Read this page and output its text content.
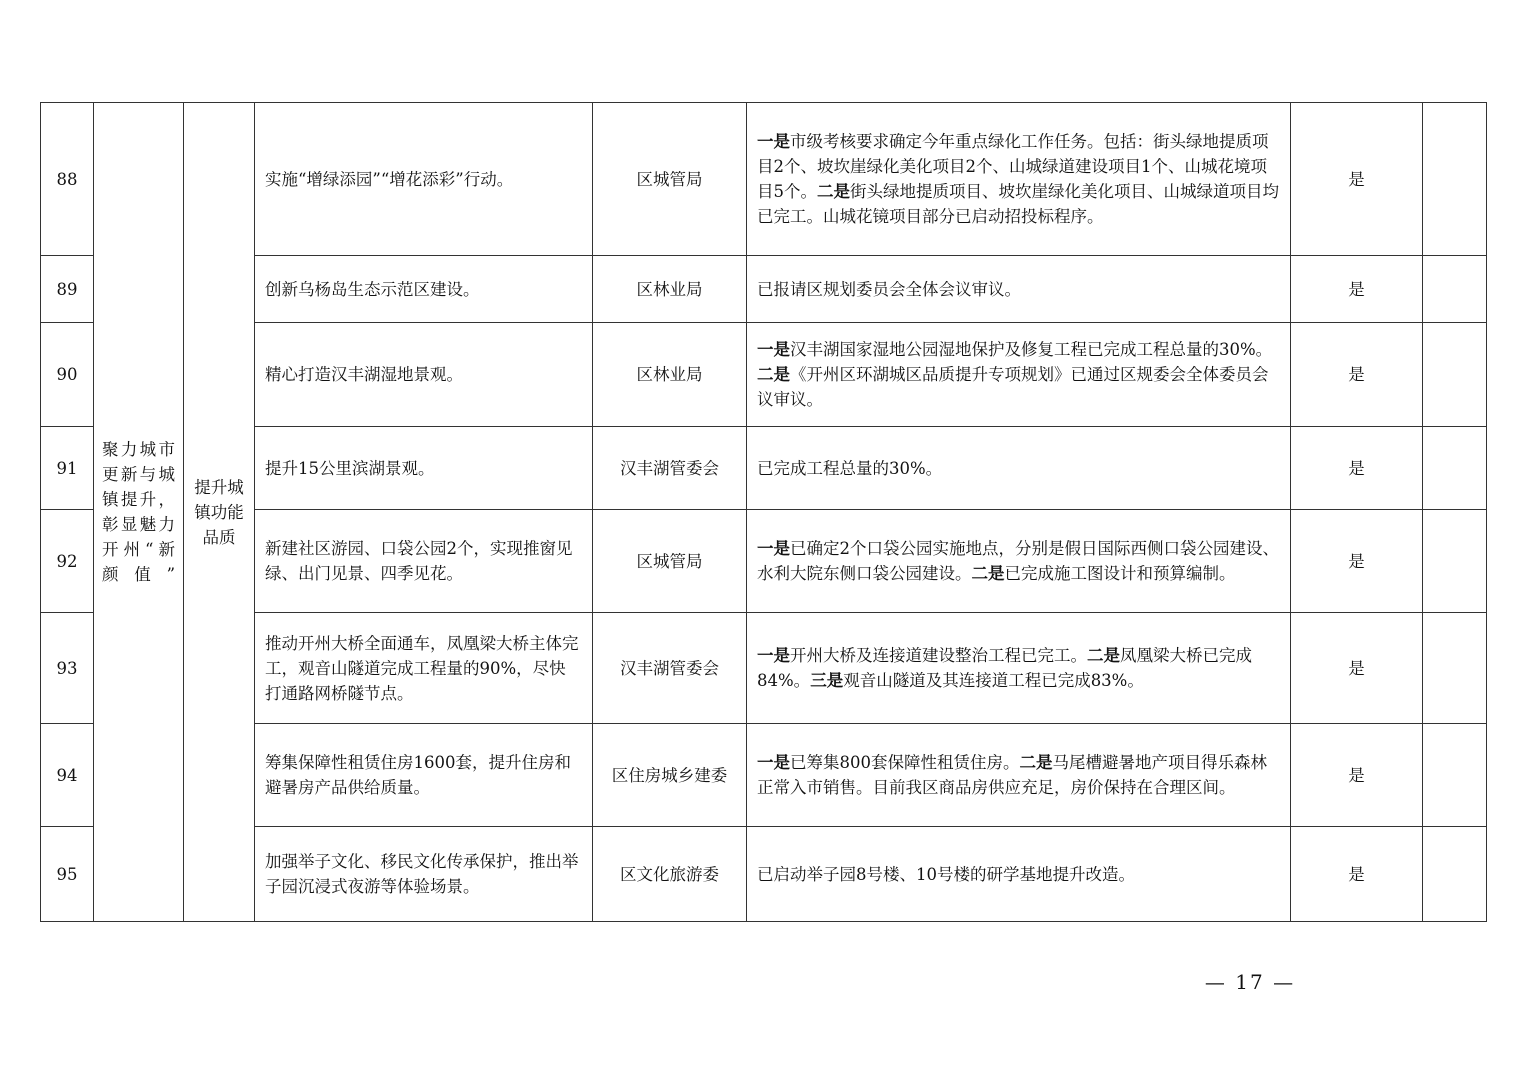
88	聚力城市更新与城镇提升，彰显魅力开州“新颜值”	提升城镇功能品质	实施“增绿添园”“增花添彩”行动。	区城管局	一是市级考核要求确定今年重点绿化工作任务。包括：街头绿地提质项目2个、坡坎崖绿化美化项目2个、山城绿道建设项目1个、山城花境项目5个。二是街头绿地提质项目、坡坎崖绿化美化项目、山城绿道项目均已完工。山城花镜项目部分已启动招投标程序。	是	
89			创新乌杨岛生态示范区建设。	区林业局	已报请区规划委员会全体会议审议。	是	
90			精心打造汉丰湖湿地景观。	区林业局	一是汉丰湖国家湿地公园湿地保护及修复工程已完成工程总量的30%。 二是《开州区环湖城区品质提升专项规划》已通过区规委会全体委员会议审议。	是	
91			提升15公里滨湖景观。	汉丰湖管委会	已完成工程总量的30%。	是	
92			新建社区游园、口袋公园2个，实现推窗见绿、出门见景、四季见花。	区城管局	一是已确定2个口袋公园实施地点，分别是假日国际西侧口袋公园建设、水利大院东侧口袋公园建设。二是已完成施工图设计和预算编制。	是	
93			推动开州大桥全面通车，凤凰梁大桥主体完工，观音山隧道完成工程量的90%，尽快打通路网桥隧节点。	汉丰湖管委会	一是开州大桥及连接道建设整治工程已完工。二是凤凰梁大桥已完成84%。三是观音山隧道及其连接道工程已完成83%。	是	
94			筹集保障性租赁住房1600套，提升住房和避暑房产品供给质量。	区住房城乡建委	一是已筹集800套保障性租赁住房。二是马尾槽避暑地产项目得乐森林正常入市销售。目前我区商品房供应充足，房价保持在合理区间。	是	
95			加强举子文化、移民文化传承保护，推出举子园沉浸式夜游等体验场景。	区文化旅游委	已启动举子园8号楼、10号楼的研学基地提升改造。	是	
— 17 —
